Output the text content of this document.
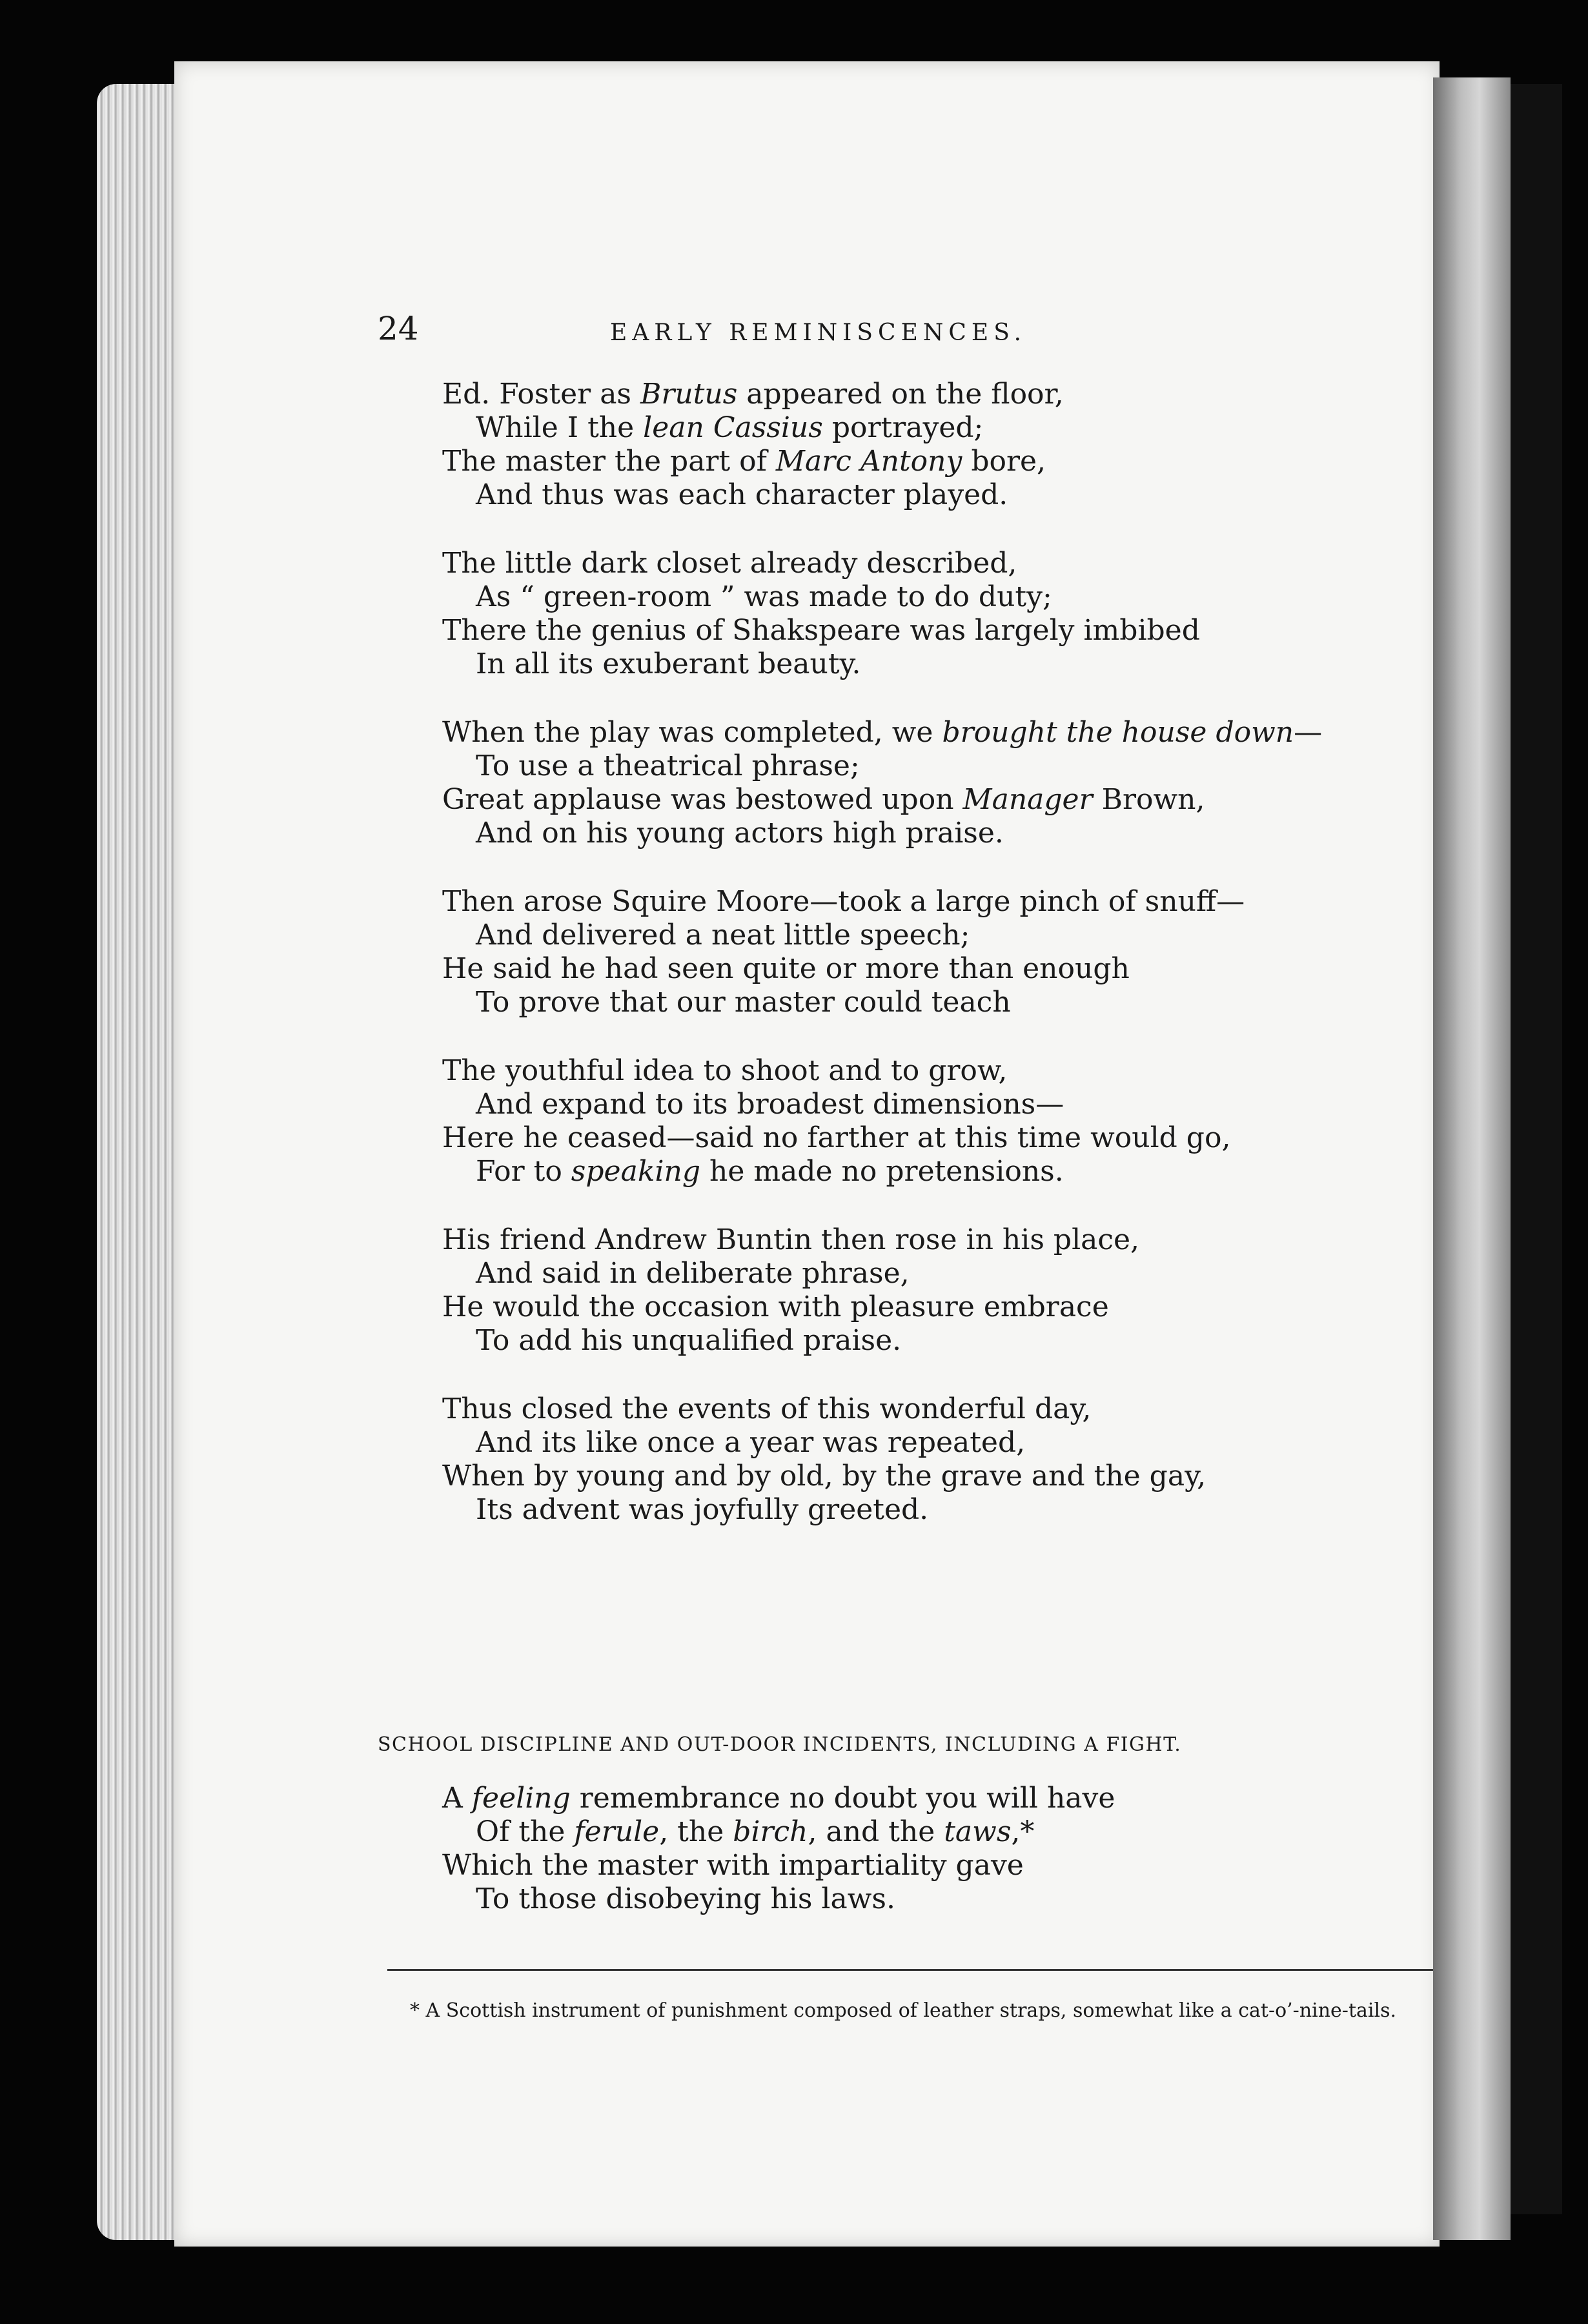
24	EARLY REMINISCENCES.
Ed. Foster as Brutus appeared on the floor,
While I the lean Cassius portrayed;
The master the part of Marc Antony bore,
And thus was each character played.
The little dark closet already described,
As “ green-room ” was made to do duty;
There the genius of Shakspeare was largely imbibed
In all its exuberant beauty.
When the play was completed, we brought the house down—
To use a theatrical phrase;
Great applause was bestowed upon Manager Brown,
And on his young actors high praise.
Then arose Squire Moore—took a large pinch of snuff—
And delivered a neat little speech;
He said he had seen quite or more than enough
To prove that our master could teach
The youthful idea to shoot and to grow,
And expand to its broadest dimensions—
Here he ceased—said no farther at this time would go,
For to speaking he made no pretensions.
His friend Andrew Buntin then rose in his place,
And said in deliberate phrase,
He would the occasion with pleasure embrace
To add his unqualified praise.
Thus closed the events of this wonderful day,
And its like once a year was repeated,
When by young and by old, by the grave and the gay,
Its advent was joyfully greeted.
SCHOOL DISCIPLINE AND OUT-DOOR INCIDENTS, INCLUDING A FIGHT.
A feeling remembrance no doubt you will have
Of the ferule, the birch, and the taws,*
Which the master with impartiality gave
To those disobeying his laws.
* A Scottish instrument of punishment composed of leather straps, somewhat like a cat-o’-nine-tails.
